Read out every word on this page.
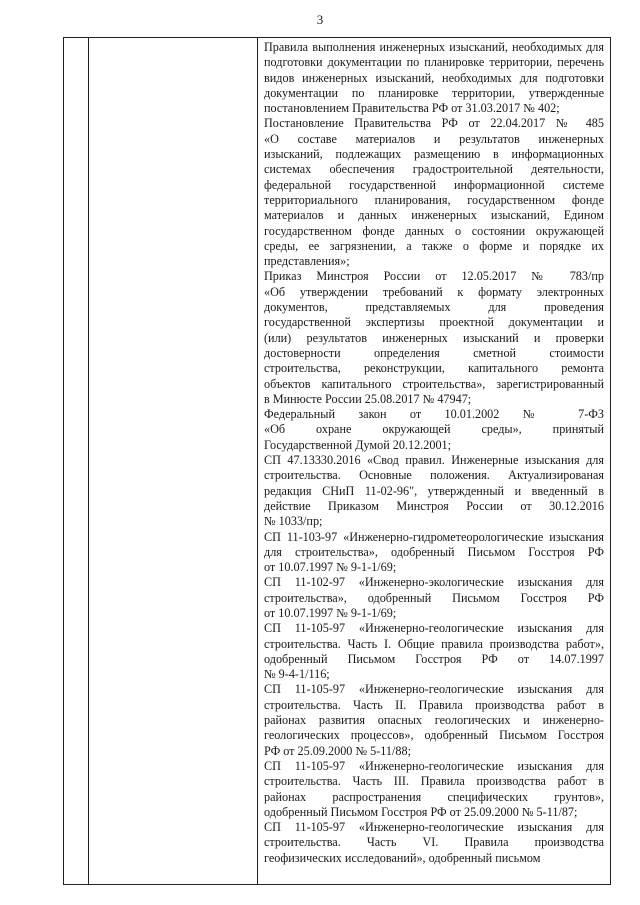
3

Правила выполнения инженерных изысканий, необходимых для
подготовки документации по планировке территории, перечень
видов инженерных изысканий, необходимых для подготовки
документации по планировке территории, утвержденные
постановлением Правительства РФ от 31.03.2017 № 402;

Постановление Правительства РФ от 22.04.2017 № 485
«О составе материалов и результатов инженерных
изысканий, подлежащих размещению в информационных
системах обеспечения градостроительной деятельности,
федеральной государственной информационной системе
территориального планирования, государственном фонде
материалов и данных инженерных изысканий, Едином
государственном фонде данных о состоянии окружающей
среды, ее загрязнении, а также о форме и порядке их
представления»;

Приказ Минстроя России от 12.05.2017 № 783/пр
«Об утверждении требований к формату электронных
документов, представляемых для проведения
государственной экспертизы проектной документации и
(или) результатов инженерных изысканий и проверки
достоверности определения сметной стоимости
строительства, реконструкции, капитального ремонта
объектов капитального строительства», зарегистрированный
в Минюсте России 25.08.2017 № 47947;

Федеральный закон от 10.01.2002 № 7-ФЗ
«Об охране окружающей среды», принятый
Государственной Думой 20.12.2001;

СП 47.13330.2016 «Свод правил. Инженерные изыскания для
строительства. Основные положения. Актуализированая
редакция СНиП 11-02-96", утвержденный и введенный в
действие Приказом Минстроя России от 30.12.2016
№ 1033/пр;

СП 11-103-97 «Инженерно-гидрометеорологические изыскания
для строительства», одобренный Письмом Госстроя РФ
от 10.07.1997 № 9-1-1/69;

СП 11-102-97 «Инженерно-экологические изыскания для
строительства», одобренный Письмом Госстроя РФ
от 10.07.1997 № 9-1-1/69;

СП 11-105-97 «Инженерно-геологические изыскания для
строительства. Часть I. Общие правила производства работ»,
одобренный Письмом Госстроя РФ от 14.07.1997
№ 9-4-1/116;

СП 11-105-97 «Инженерно-геологические изыскания для
строительства. Часть II. Правила производства работ в
районах развития опасных геологических и инженерно-
геологических процессов», одобренный Письмом Госстроя
РФ от 25.09.2000 № 5-11/88;

СП 11-105-97 «Инженерно-геологические изыскания для
строительства. Часть III. Правила производства работ в
районах распространения специфических грунтов»,
одобренный Письмом Госстроя РФ от 25.09.2000 № 5-11/87;

СП 11-105-97 «Инженерно-геологические изыскания для
строительства. Часть VI. Правила производства
геофизических исследований», одобренный письмом
